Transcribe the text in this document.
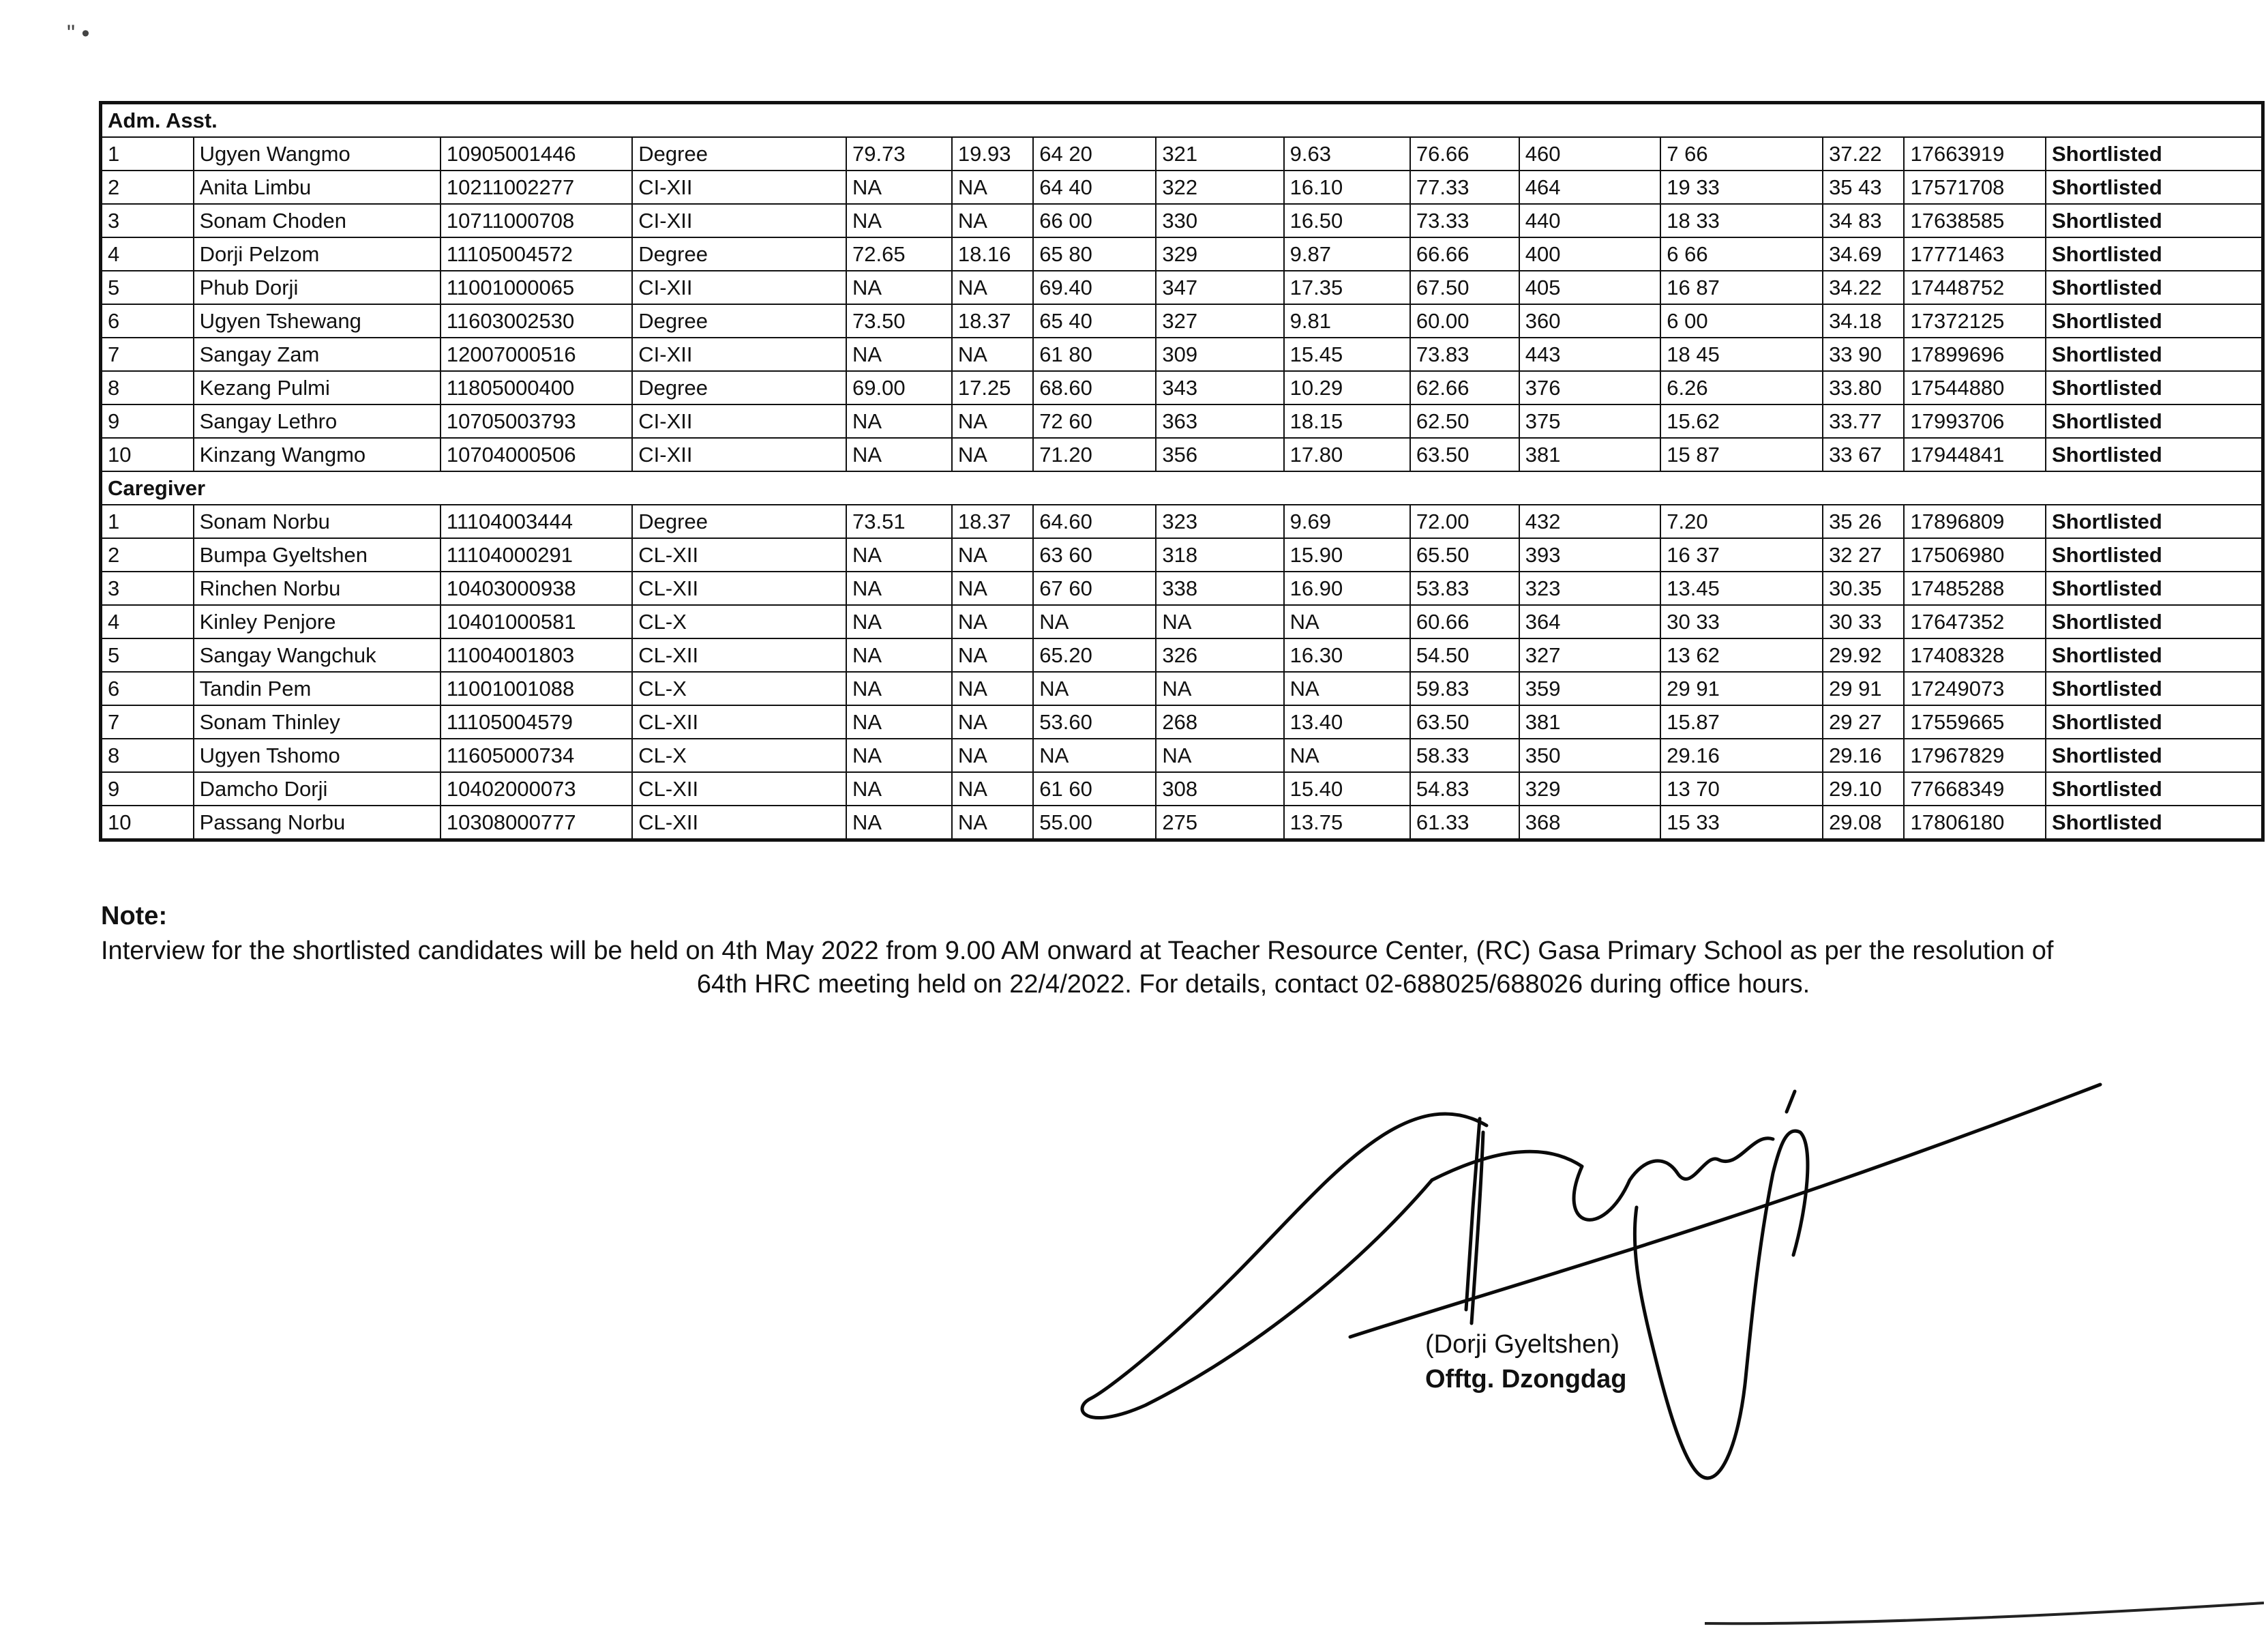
" •
Adm. Asst.														
1	Ugyen Wangmo	10905001446	Degree	79.73	19.93	64 20	321	9.63	76.66	460	7 66	37.22	17663919	Shortlisted
2	Anita Limbu	10211002277	CI-XII	NA	NA	64 40	322	16.10	77.33	464	19 33	35 43	17571708	Shortlisted
3	Sonam Choden	10711000708	CI-XII	NA	NA	66 00	330	16.50	73.33	440	18 33	34 83	17638585	Shortlisted
4	Dorji Pelzom	11105004572	Degree	72.65	18.16	65 80	329	9.87	66.66	400	6 66	34.69	17771463	Shortlisted
5	Phub Dorji	11001000065	CI-XII	NA	NA	69.40	347	17.35	67.50	405	16 87	34.22	17448752	Shortlisted
6	Ugyen Tshewang	11603002530	Degree	73.50	18.37	65 40	327	9.81	60.00	360	6 00	34.18	17372125	Shortlisted
7	Sangay Zam	12007000516	CI-XII	NA	NA	61 80	309	15.45	73.83	443	18 45	33 90	17899696	Shortlisted
8	Kezang Pulmi	11805000400	Degree	69.00	17.25	68.60	343	10.29	62.66	376	6.26	33.80	17544880	Shortlisted
9	Sangay Lethro	10705003793	CI-XII	NA	NA	72 60	363	18.15	62.50	375	15.62	33.77	17993706	Shortlisted
10	Kinzang Wangmo	10704000506	CI-XII	NA	NA	71.20	356	17.80	63.50	381	15 87	33 67	17944841	Shortlisted
Caregiver														
1	Sonam Norbu	11104003444	Degree	73.51	18.37	64.60	323	9.69	72.00	432	7.20	35 26	17896809	Shortlisted
2	Bumpa Gyeltshen	11104000291	CL-XII	NA	NA	63 60	318	15.90	65.50	393	16 37	32 27	17506980	Shortlisted
3	Rinchen Norbu	10403000938	CL-XII	NA	NA	67 60	338	16.90	53.83	323	13.45	30.35	17485288	Shortlisted
4	Kinley Penjore	10401000581	CL-X	NA	NA	NA	NA	NA	60.66	364	30 33	30 33	17647352	Shortlisted
5	Sangay Wangchuk	11004001803	CL-XII	NA	NA	65.20	326	16.30	54.50	327	13 62	29.92	17408328	Shortlisted
6	Tandin Pem	11001001088	CL-X	NA	NA	NA	NA	NA	59.83	359	29 91	29 91	17249073	Shortlisted
7	Sonam Thinley	11105004579	CL-XII	NA	NA	53.60	268	13.40	63.50	381	15.87	29 27	17559665	Shortlisted
8	Ugyen Tshomo	11605000734	CL-X	NA	NA	NA	NA	NA	58.33	350	29.16	29.16	17967829	Shortlisted
9	Damcho Dorji	10402000073	CL-XII	NA	NA	61 60	308	15.40	54.83	329	13 70	29.10	77668349	Shortlisted
10	Passang Norbu	10308000777	CL-XII	NA	NA	55.00	275	13.75	61.33	368	15 33	29.08	17806180	Shortlisted
Note:
Interview for the shortlisted candidates will be held on 4th May 2022 from 9.00 AM onward at Teacher Resource Center, (RC) Gasa Primary School as per the resolution of
64th HRC meeting held on 22/4/2022. For details, contact 02-688025/688026 during office hours.
(Dorji Gyeltshen)
Offtg. Dzongdag
